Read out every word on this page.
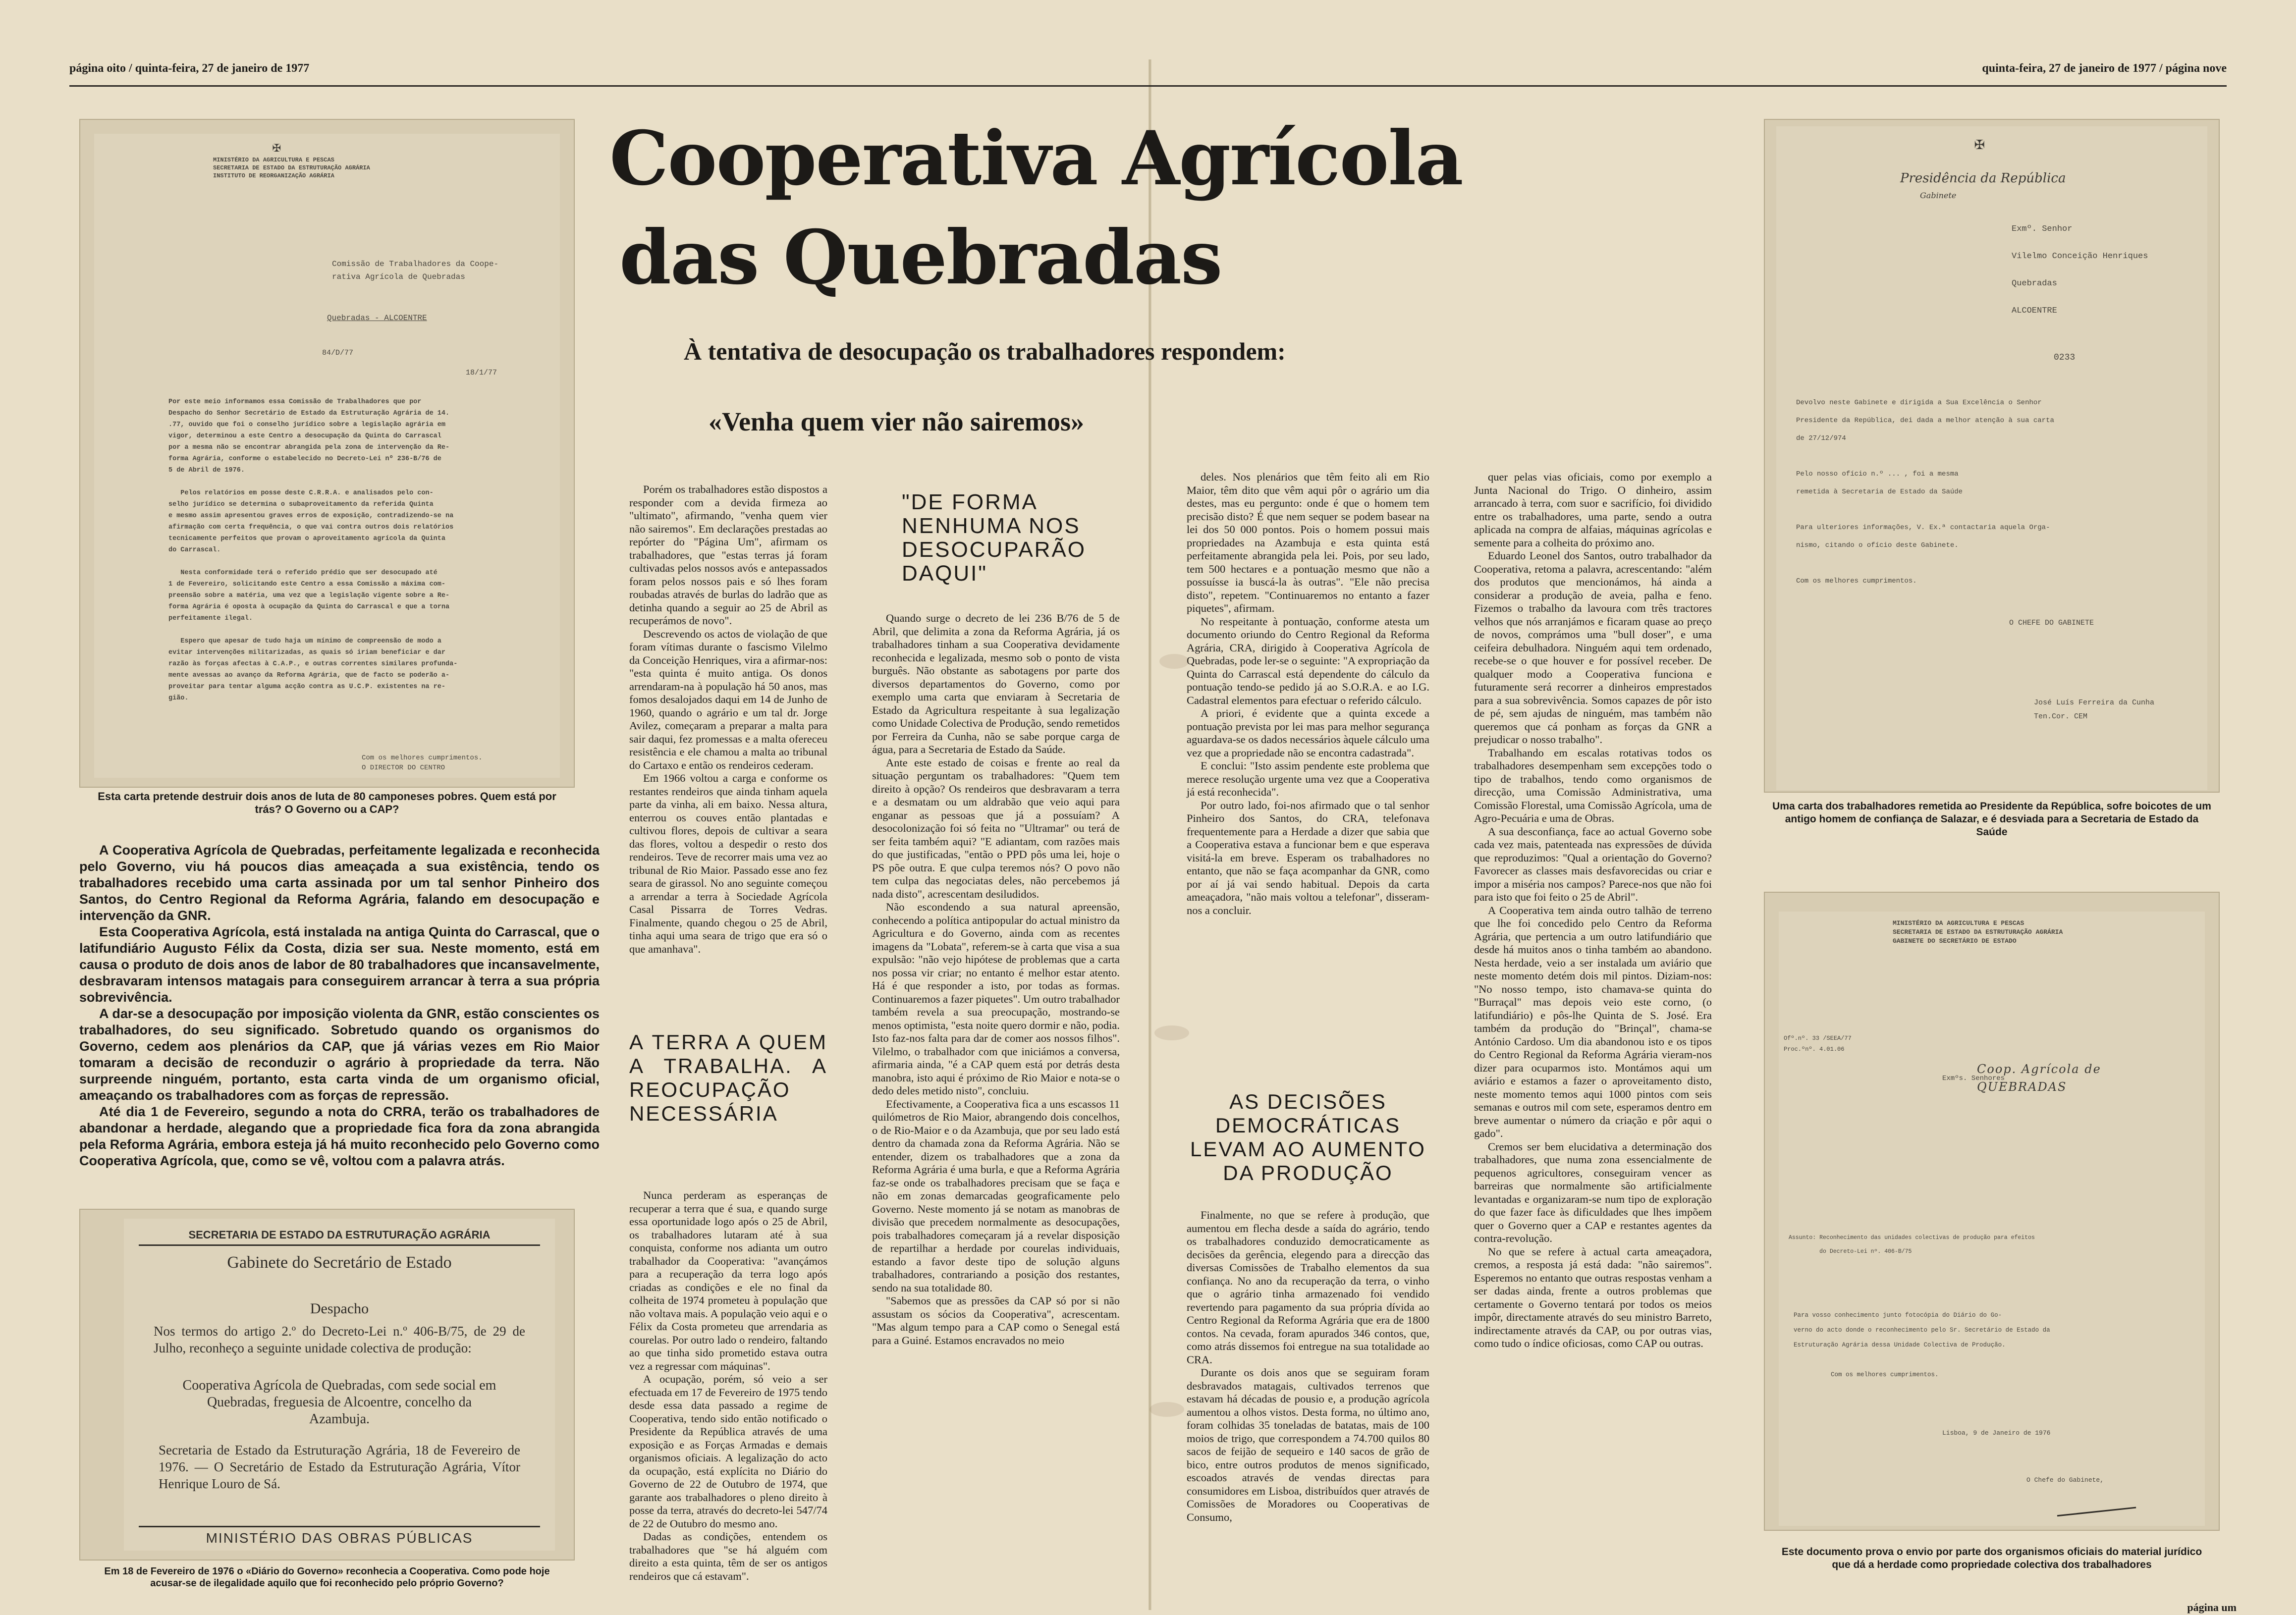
página oito / quinta-feira, 27 de janeiro de 1977	quinta-feira, 27 de janeiro de 1977 / página nove
✠
MINISTÉRIO DA AGRICULTURA E PESCAS
SECRETARIA DE ESTADO DA ESTRUTURAÇÃO AGRÁRIA
INSTITUTO DE REORGANIZAÇÃO AGRÁRIA
Comissão de Trabalhadores da Coope-
rativa Agrícola de Quebradas
Quebradas - ALCOENTRE
84/D/77
18/1/77
Por este meio informamos essa Comissão de Trabalhadores que por
Despacho do Senhor Secretário de Estado da Estruturação Agrária de 14.
.77, ouvido que foi o conselho jurídico sobre a legislação agrária em
vigor, determinou a este Centro a desocupação da Quinta do Carrascal
por a mesma não se encontrar abrangida pela zona de intervenção da Re-
forma Agrária, conforme o estabelecido no Decreto-Lei nº 236-B/76 de
5 de Abril de 1976.

Pelos relatórios em posse deste C.R.R.A. e analisados pelo con-
selho jurídico se determina o subaproveitamento da referida Quinta
e mesmo assim apresentou graves erros de exposição, contradizendo-se na
afirmação com certa frequência, o que vai contra outros dois relatórios
tecnicamente perfeitos que provam o aproveitamento agrícola da Quinta
do Carrascal.

Nesta conformidade terá o referido prédio que ser desocupado até
1 de Fevereiro, solicitando este Centro a essa Comissão a máxima com-
preensão sobre a matéria, uma vez que a legislação vigente sobre a Re-
forma Agrária é oposta à ocupação da Quinta do Carrascal e que a torna
perfeitamente ilegal.

Espero que apesar de tudo haja um mínimo de compreensão de modo a
evitar intervenções militarizadas, as quais só iriam beneficiar e dar
razão às forças afectas à C.A.P., e outras correntes similares profunda-
mente avessas ao avanço da Reforma Agrária, que de facto se poderão a-
proveitar para tentar alguma acção contra as U.C.P. existentes na re-
gião.
Com os melhores cumprimentos.
O DIRECTOR DO CENTRO
Esta carta pretende destruir dois anos de luta de 80 camponeses pobres. Quem está por trás? O Governo ou a CAP?

A Cooperativa Agrícola de Quebradas, perfeitamente legalizada e reconhecida pelo Governo, viu há poucos dias ameaçada a sua existência, tendo os trabalhadores recebido uma carta assinada por um tal senhor Pinheiro dos Santos, do Centro Regional da Reforma Agrária, falando em desocupação e intervenção da GNR.

Esta Cooperativa Agrícola, está instalada na antiga Quinta do Carrascal, que o latifundiário Augusto Félix da Costa, dizia ser sua. Neste momento, está em causa o produto de dois anos de labor de 80 trabalhadores que incansavelmente, desbravaram intensos matagais para conseguirem arrancar à terra a sua própria sobrevivência.

A dar-se a desocupação por imposição violenta da GNR, estão conscientes os trabalhadores, do seu significado. Sobretudo quando os organismos do Governo, cedem aos plenários da CAP, que já várias vezes em Rio Maior tomaram a decisão de reconduzir o agrário à propriedade da terra. Não surpreende ninguém, portanto, esta carta vinda de um organismo oficial, ameaçando os trabalhadores com as forças de repressão.

Até dia 1 de Fevereiro, segundo a nota do CRRA, terão os trabalhadores de abandonar a herdade, alegando que a propriedade fica fora da zona abrangida pela Reforma Agrária, embora esteja já há muito reconhecido pelo Governo como Cooperativa Agrícola, que, como se vê, voltou com a palavra atrás.

SECRETARIA DE ESTADO DA ESTRUTURAÇÃO AGRÁRIA
Gabinete do Secretário de Estado
Despacho
Nos termos do artigo 2.º do Decreto-Lei n.º 406-B/75, de 29 de Julho, reconheço a seguinte unidade colectiva de produção:
Cooperativa Agrícola de Quebradas, com sede social em Quebradas, freguesia de Alcoentre, concelho da Azambuja.
Secretaria de Estado da Estruturação Agrária, 18 de Fevereiro de 1976. — O Secretário de Estado da Estruturação Agrária, Vítor Henrique Louro de Sá.
MINISTÉRIO DAS OBRAS PÚBLICAS
Em 18 de Fevereiro de 1976 o «Diário do Governo» reconhecia a Cooperativa. Como pode hoje acusar-se de ilegalidade aquilo que foi reconhecido pelo próprio Governo?
Cooperativa Agrícola
das Quebradas
À tentativa de desocupação os trabalhadores respondem:
«Venha quem vier não sairemos»

Porém os trabalhadores estão dispostos a responder com a devida firmeza ao "ultimato", afirmando, "venha quem vier não sairemos". Em declarações prestadas ao repórter do "Página Um", afirmam os trabalhadores, que "estas terras já foram cultivadas pelos nossos avós e antepassados foram pelos nossos pais e só lhes foram roubadas através de burlas do ladrão que as detinha quando a seguir ao 25 de Abril as recuperámos de novo".

Descrevendo os actos de violação de que foram vítimas durante o fascismo Vilelmo da Conceição Henriques, vira a afirmar-nos: "esta quinta é muito antiga. Os donos arrendaram-na à população há 50 anos, mas fomos desalojados daqui em 14 de Junho de 1960, quando o agrário e um tal dr. Jorge Avilez, começaram a preparar a malta para sair daqui, fez promessas e a malta ofereceu resistência e ele chamou a malta ao tribunal do Cartaxo e então os rendeiros cederam.

Em 1966 voltou a carga e conforme os restantes rendeiros que ainda tinham aquela parte da vinha, ali em baixo. Nessa altura, enterrou os couves então plantadas e cultivou flores, depois de cultivar a seara das flores, voltou a despedir o resto dos rendeiros. Teve de recorrer mais uma vez ao tribunal de Rio Maior. Passado esse ano fez seara de girassol. No ano seguinte começou a arrendar a terra à Sociedade Agrícola Casal Pissarra de Torres Vedras. Finalmente, quando chegou o 25 de Abril, tinha aqui uma seara de trigo que era só o que amanhava".

A TERRA A QUEM A TRABALHA. A REOCUPAÇÃO NECESSÁRIA

Nunca perderam as esperanças de recuperar a terra que é sua, e quando surge essa oportunidade logo após o 25 de Abril, os trabalhadores lutaram até à sua conquista, conforme nos adianta um outro trabalhador da Cooperativa: "avançámos para a recuperação da terra logo após criadas as condições e ele no final da colheita de 1974 prometeu à população que não voltava mais. A população veio aqui e o Félix da Costa prometeu que arrendaria as courelas. Por outro lado o rendeiro, faltando ao que tinha sido prometido estava outra vez a regressar com máquinas".

A ocupação, porém, só veio a ser efectuada em 17 de Fevereiro de 1975 tendo desde essa data passado a regime de Cooperativa, tendo sido então notificado o Presidente da República através de uma exposição e as Forças Armadas e demais organismos oficiais. A legalização do acto da ocupação, está explícita no Diário do Governo de 22 de Outubro de 1974, que garante aos trabalhadores o pleno direito à posse da terra, através do decreto-lei 547/74 de 22 de Outubro do mesmo ano.

Dadas as condições, entendem os trabalhadores que "se há alguém com direito a esta quinta, têm de ser os antigos rendeiros que cá estavam".

"DE FORMA NENHUMA NOS DESOCUPARÃO DAQUI"

Quando surge o decreto de lei 236 B/76 de 5 de Abril, que delimita a zona da Reforma Agrária, já os trabalhadores tinham a sua Cooperativa devidamente reconhecida e legalizada, mesmo sob o ponto de vista burguês. Não obstante as sabotagens por parte dos diversos departamentos do Governo, como por exemplo uma carta que enviaram à Secretaria de Estado da Agricultura respeitante à sua legalização como Unidade Colectiva de Produção, sendo remetidos por Ferreira da Cunha, não se sabe porque carga de água, para a Secretaria de Estado da Saúde.

Ante este estado de coisas e frente ao real da situação perguntam os trabalhadores: "Quem tem direito à opção? Os rendeiros que desbravaram a terra e a desmatam ou um aldrabão que veio aqui para enganar as pessoas que já a possuíam? A desocolonização foi só feita no "Ultramar" ou terá de ser feita também aqui? "E adiantam, com razões mais do que justificadas, "então o PPD pôs uma lei, hoje o PS põe outra. E que culpa teremos nós? O povo não tem culpa das negociatas deles, não percebemos já nada disto", acrescentam desiludidos.

Não escondendo a sua natural apreensão, conhecendo a política antipopular do actual ministro da Agricultura e do Governo, ainda com as recentes imagens da "Lobata", referem-se à carta que visa a sua expulsão: "não vejo hipótese de problemas que a carta nos possa vir criar; no entanto é melhor estar atento. Há é que responder a isto, por todas as formas. Continuaremos a fazer piquetes". Um outro trabalhador também revela a sua preocupação, mostrando-se menos optimista, "esta noite quero dormir e não, podia. Isto faz-nos falta para dar de comer aos nossos filhos". Vilelmo, o trabalhador com que iniciámos a conversa, afirmaria ainda, "é a CAP quem está por detrás desta manobra, isto aqui é próximo de Rio Maior e nota-se o dedo deles metido nisto", concluiu.

Efectivamente, a Cooperativa fica a uns escassos 11 quilómetros de Rio Maior, abrangendo dois concelhos, o de Rio-Maior e o da Azambuja, que por seu lado está dentro da chamada zona da Reforma Agrária. Não se entender, dizem os trabalhadores que a zona da Reforma Agrária é uma burla, e que a Reforma Agrária faz-se onde os trabalhadores precisam que se faça e não em zonas demarcadas geograficamente pelo Governo. Neste momento já se notam as manobras de divisão que precedem normalmente as desocupações, pois trabalhadores começaram já a revelar disposição de repartilhar a herdade por courelas individuais, estando a favor deste tipo de solução alguns trabalhadores, contrariando a posição dos restantes, sendo na sua totalidade 80.

"Sabemos que as pressões da CAP só por si não assustam os sócios da Cooperativa", acrescentam. "Mas algum tempo para a CAP como o Senegal está para a Guiné. Estamos encravados no meio

deles. Nos plenários que têm feito ali em Rio Maior, têm dito que vêm aqui pôr o agrário um dia destes, mas eu pergunto: onde é que o homem tem precisão disto? É que nem sequer se podem basear na lei dos 50 000 pontos. Pois o homem possui mais propriedades na Azambuja e esta quinta está perfeitamente abrangida pela lei. Pois, por seu lado, tem 500 hectares e a pontuação mesmo que não a possuísse ia buscá-la às outras". "Ele não precisa disto", repetem. "Continuaremos no entanto a fazer piquetes", afirmam.

No respeitante à pontuação, conforme atesta um documento oriundo do Centro Regional da Reforma Agrária, CRA, dirigido à Cooperativa Agrícola de Quebradas, pode ler-se o seguinte: "A expropriação da Quinta do Carrascal está dependente do cálculo da pontuação tendo-se pedido já ao S.O.R.A. e ao I.G. Cadastral elementos para efectuar o referido cálculo.

A priori, é evidente que a quinta excede a pontuação prevista por lei mas para melhor segurança aguardava-se os dados necessários àquele cálculo uma vez que a propriedade não se encontra cadastrada".

E conclui: "Isto assim pendente este problema que merece resolução urgente uma vez que a Cooperativa já está reconhecida".

Por outro lado, foi-nos afirmado que o tal senhor Pinheiro dos Santos, do CRA, telefonava frequentemente para a Herdade a dizer que sabia que a Cooperativa estava a funcionar bem e que esperava visitá-la em breve. Esperam os trabalhadores no entanto, que não se faça acompanhar da GNR, como por aí já vai sendo habitual. Depois da carta ameaçadora, "não mais voltou a telefonar", disseram-nos a concluir.

AS DECISÕES DEMOCRÁTICAS LEVAM AO AUMENTO DA PRODUÇÃO

Finalmente, no que se refere à produção, que aumentou em flecha desde a saída do agrário, tendo os trabalhadores conduzido democraticamente as decisões da gerência, elegendo para a direcção das diversas Comissões de Trabalho elementos da sua confiança. No ano da recuperação da terra, o vinho que o agrário tinha armazenado foi vendido revertendo para pagamento da sua própria dívida ao Centro Regional da Reforma Agrária que era de 1800 contos. Na cevada, foram apurados 346 contos, que, como atrás dissemos foi entregue na sua totalidade ao CRA.

Durante os dois anos que se seguiram foram desbravados matagais, cultivados terrenos que estavam há décadas de pousio e, a produção agrícola aumentou a olhos vistos. Desta forma, no último ano, foram colhidas 35 toneladas de batatas, mais de 100 moios de trigo, que correspondem a 74.700 quilos 80 sacos de feijão de sequeiro e 140 sacos de grão de bico, entre outros produtos de menos significado, escoados através de vendas directas para consumidores em Lisboa, distribuídos quer através de Comissões de Moradores ou Cooperativas de Consumo,

quer pelas vias oficiais, como por exemplo a Junta Nacional do Trigo. O dinheiro, assim arrancado à terra, com suor e sacrifício, foi dividido entre os trabalhadores, uma parte, sendo a outra aplicada na compra de alfaias, máquinas agrícolas e semente para a colheita do próximo ano.

Eduardo Leonel dos Santos, outro trabalhador da Cooperativa, retoma a palavra, acrescentando: "além dos produtos que mencionámos, há ainda a considerar a produção de aveia, palha e feno. Fizemos o trabalho da lavoura com três tractores velhos que nós arranjámos e ficaram quase ao preço de novos, comprámos uma "bull doser", e uma ceifeira debulhadora. Ninguém aqui tem ordenado, recebe-se o que houver e for possível receber. De qualquer modo a Cooperativa funciona e futuramente será recorrer a dinheiros emprestados para a sua sobrevivência. Somos capazes de pôr isto de pé, sem ajudas de ninguém, mas também não queremos que cá ponham as forças da GNR a prejudicar o nosso trabalho".

Trabalhando em escalas rotativas todos os trabalhadores desempenham sem excepções todo o tipo de trabalhos, tendo como organismos de direcção, uma Comissão Administrativa, uma Comissão Florestal, uma Comissão Agrícola, uma de Agro-Pecuária e uma de Obras.

A sua desconfiança, face ao actual Governo sobe cada vez mais, patenteada nas expressões de dúvida que reproduzimos: "Qual a orientação do Governo? Favorecer as classes mais desfavorecidas ou criar e impor a miséria nos campos? Parece-nos que não foi para isto que foi feito o 25 de Abril".

A Cooperativa tem ainda outro talhão de terreno que lhe foi concedido pelo Centro da Reforma Agrária, que pertencia a um outro latifundiário que desde há muitos anos o tinha também ao abandono. Nesta herdade, veio a ser instalada um aviário que neste momento detém dois mil pintos. Diziam-nos: "No nosso tempo, isto chamava-se quinta do "Burraçal" mas depois veio este corno, (o latifundiário) e pôs-lhe Quinta de S. José. Era também da produção do "Brinçal", chama-se António Cardoso. Um dia abandonou isto e os tipos do Centro Regional da Reforma Agrária vieram-nos dizer para ocuparmos isto. Montámos aqui um aviário e estamos a fazer o aproveitamento disto, neste momento temos aqui 1000 pintos com seis semanas e outros mil com sete, esperamos dentro em breve aumentar o número da criação e pôr aqui o gado".

Cremos ser bem elucidativa a determinação dos trabalhadores, que numa zona essencialmente de pequenos agricultores, conseguiram vencer as barreiras que normalmente são artificialmente levantadas e organizaram-se num tipo de exploração do que fazer face às dificuldades que lhes impõem quer o Governo quer a CAP e restantes agentes da contra-revolução.

No que se refere à actual carta ameaçadora, cremos, a resposta já está dada: "não sairemos". Esperemos no entanto que outras respostas venham a ser dadas ainda, frente a outros problemas que certamente o Governo tentará por todos os meios impôr, directamente através do seu ministro Barreto, indirectamente através da CAP, ou por outras vias, como tudo o índice oficiosas, como CAP ou outras.

✠
Presidência da República
Gabinete
Exmº. Senhor
Vilelmo Conceição Henriques
Quebradas
ALCOENTRE
0233
Devolvo neste Gabinete e dirigida a Sua Excelência o Senhor
Presidente da República, dei dada a melhor atenção à sua carta
de 27/12/974

Pelo nosso ofício n.º ... , foi a mesma
remetida à Secretaria de Estado da Saúde

Para ulteriores informações, V. Ex.ª contactaria aquela Orga-
nismo, citando o ofício deste Gabinete.

Com os melhores cumprimentos.
O CHEFE DO GABINETE
José Luís Ferreira da Cunha
Ten.Cor. CEM
Uma carta dos trabalhadores remetida ao Presidente da República, sofre boicotes de um antigo homem de confiança de Salazar, e é desviada para a Secretaria de Estado da Saúde
MINISTÉRIO DA AGRICULTURA E PESCAS
SECRETARIA DE ESTADO DA ESTRUTURAÇÃO AGRÁRIA
GABINETE DO SECRETÁRIO DE ESTADO
Ofº.nº. 33 /SEEA/77
Proc.ºnº. 4.01.06
Exmºs. Senhores
Coop. Agrícola de
QUEBRADAS
Assunto: Reconhecimento das unidades colectivas de produção para efeitos
do Decreto-Lei nº. 406-B/75
Para vosso conhecimento junto fotocópia do Diário do Go-
verno do acto donde o reconhecimento pelo Sr. Secretário de Estado da
Estruturação Agrária dessa Unidade Colectiva de Produção.

Com os melhores cumprimentos.
Lisboa, 9 de Janeiro de 1976
O Chefe do Gabinete,
Este documento prova o envio por parte dos organismos oficiais do material jurídico que dá a herdade como propriedade colectiva dos trabalhadores
página um
